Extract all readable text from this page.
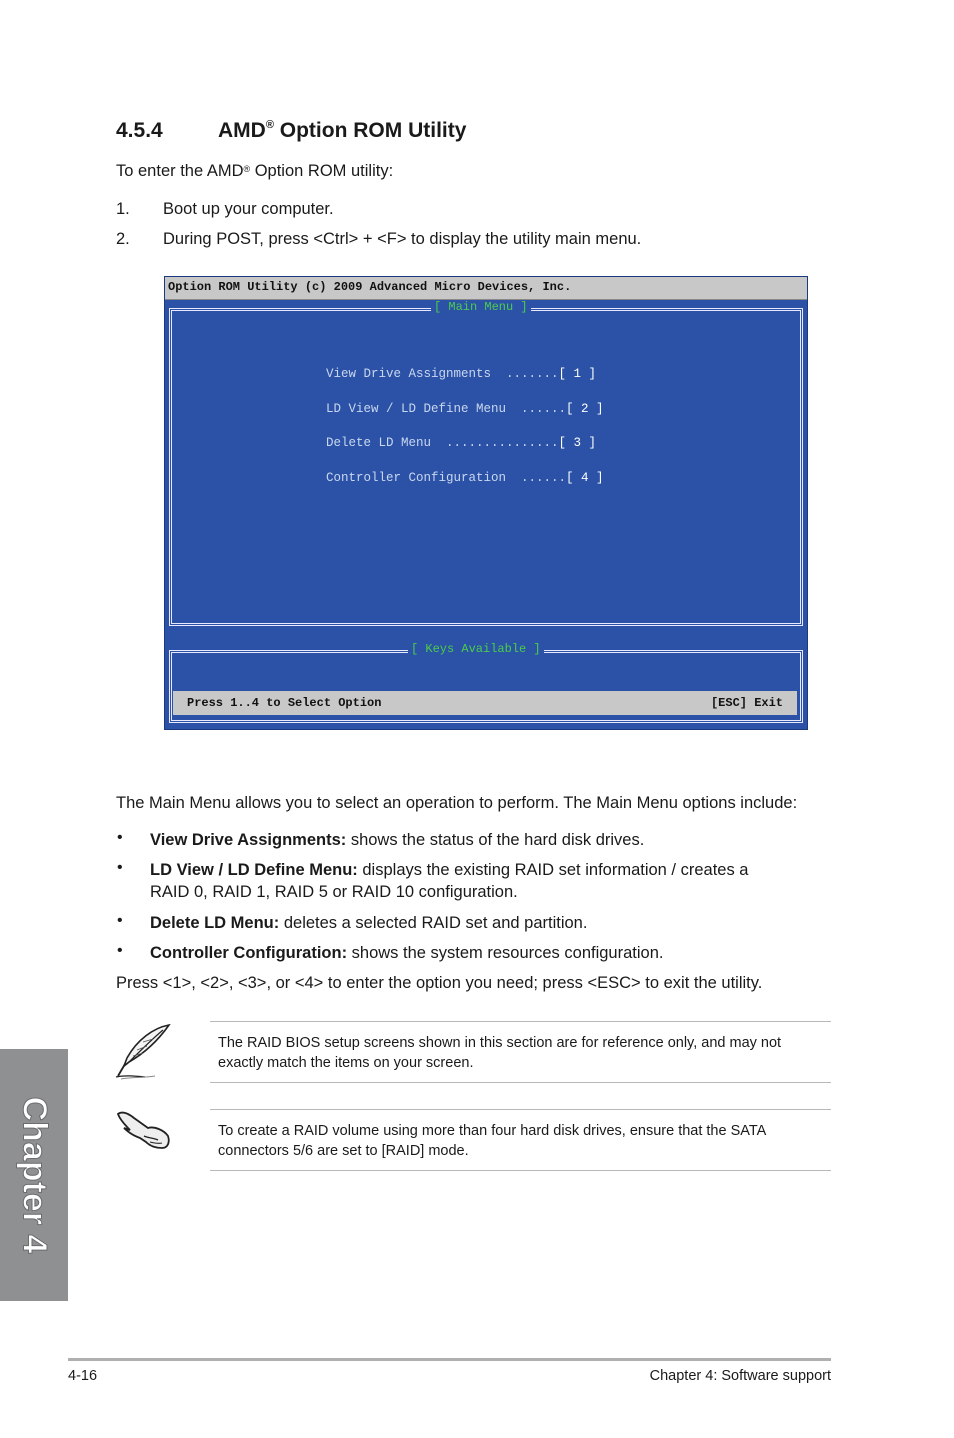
4.5.4	AMD® Option ROM Utility
To enter the AMD® Option ROM utility:
1. Boot up your computer.
2. During POST, press <Ctrl> + <F> to display the utility main menu.
Option ROM Utility (c) 2009 Advanced Micro Devices, Inc.
[ Main Menu ]
View Drive Assignments  .......[ 1 ]
LD View / LD Define Menu  ......[ 2 ]
Delete LD Menu  ...............[ 3 ]
Controller Configuration  ......[ 4 ]
[ Keys Available ]
Press 1..4 to Select Option	[ESC] Exit
The Main Menu allows you to select an operation to perform. The Main Menu options include:
• View Drive Assignments: shows the status of the hard disk drives.
• LD View / LD Define Menu: displays the existing RAID set information / creates a
RAID 0, RAID 1, RAID 5 or RAID 10 configuration.
• Delete LD Menu: deletes a selected RAID set and partition.
• Controller Configuration: shows the system resources configuration.
Press <1>, <2>, <3>, or <4> to enter the option you need; press <ESC> to exit the utility.
The RAID BIOS setup screens shown in this section are for reference only, and may not
exactly match the items on your screen.
To create a RAID volume using more than four hard disk drives, ensure that the SATA
connectors 5/6 are set to [RAID] mode.
Chapter 4
4-16	Chapter 4: Software support
